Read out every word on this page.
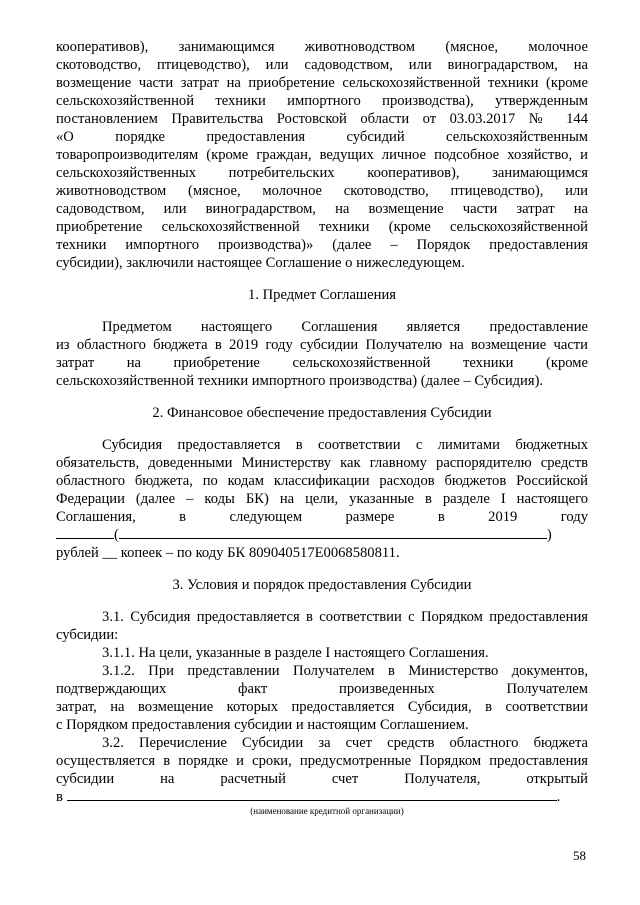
кооперативов), занимающимся животноводством (мясное, молочное

скотоводство, птицеводство), или садоводством, или виноградарством, на

возмещение части затрат на приобретение сельскохозяйственной техники (кроме

сельскохозяйственной техники импортного производства), утвержденным

постановлением Правительства Ростовской области от 03.03.2017 № 144

«О порядке предоставления субсидий сельскохозяйственным

товаропроизводителям (кроме граждан, ведущих личное подсобное хозяйство, и

сельскохозяйственных потребительских кооперативов), занимающимся

животноводством (мясное, молочное скотоводство, птицеводство), или

садоводством, или виноградарством, на возмещение части затрат на

приобретение сельскохозяйственной техники (кроме сельскохозяйственной

техники импортного производства)» (далее – Порядок предоставления

субсидии), заключили настоящее Соглашение о нижеследующем.

1. Предмет Соглашения

Предметом настоящего Соглашения является предоставление

из областного бюджета в 2019 году субсидии Получателю на возмещение части

затрат на приобретение сельскохозяйственной техники (кроме

сельскохозяйственной техники импортного производства) (далее – Субсидия).

2. Финансовое обеспечение предоставления Субсидии

Субсидия предоставляется в соответствии с лимитами бюджетных

обязательств, доведенными Министерству как главному распорядителю средств

областного бюджета, по кодам классификации расходов бюджетов Российской

Федерации (далее – коды БК) на цели, указанные в разделе I настоящего

Соглашения, в следующем размере в 2019 году

(	)

рублей __ копеек – по коду БК 809040517Е006858081​1.

3. Условия и порядок предоставления Субсидии

3.1. Субсидия предоставляется в соответствии с Порядком предоставления

субсидии:

3.1.1. На цели, указанные в разделе I настоящего Соглашения.

3.1.2. При представлении Получателем в Министерство документов,

подтверждающих факт произведенных Получателем

затрат, на возмещение которых предоставляется Субсидия, в соответствии

с Порядком предоставления субсидии и настоящим Соглашением.

3.2. Перечисление Субсидии за счет средств областного бюджета

осуществляется в порядке и сроки, предусмотренные Порядком предоставления

субсидии на расчетный счет Получателя, открытый

в	.

(наименование кредитной организации)

58
